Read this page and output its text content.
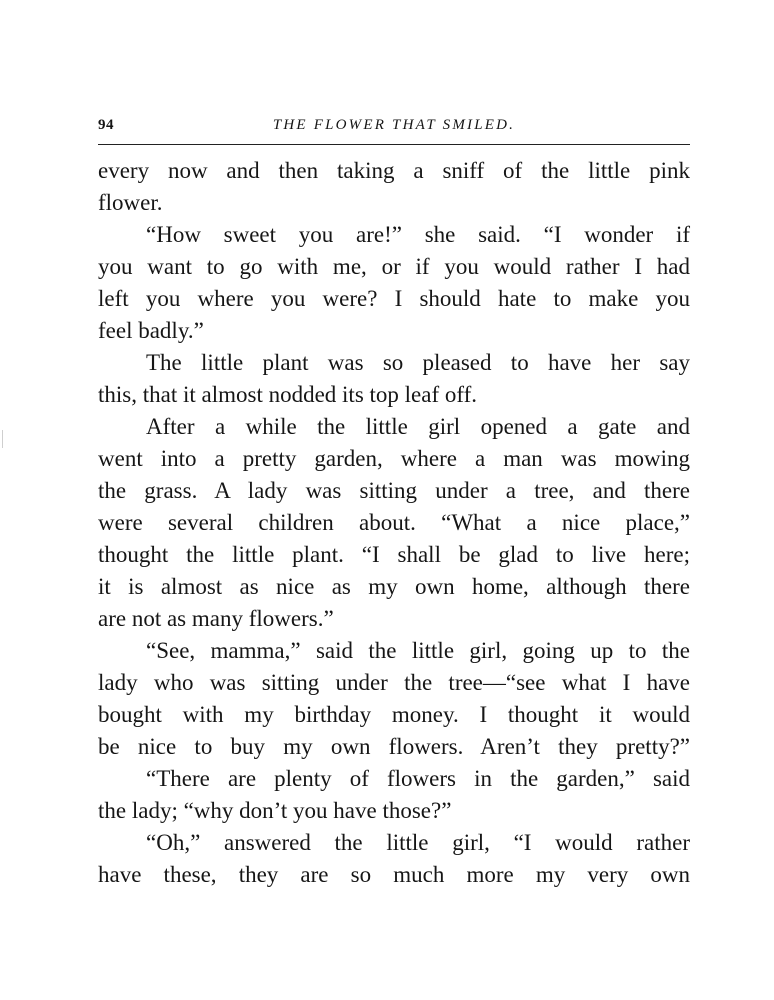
94	THE FLOWER THAT SMILED.
every now and then taking a sniff of the little pink
flower.
“How sweet you are!” she said. “I wonder if
you want to go with me, or if you would rather I had
left you where you were? I should hate to make you
feel badly.”
The little plant was so pleased to have her say
this, that it almost nodded its top leaf off.
After a while the little girl opened a gate and
went into a pretty garden, where a man was mowing
the grass. A lady was sitting under a tree, and there
were several children about. “What a nice place,”
thought the little plant. “I shall be glad to live here;
it is almost as nice as my own home, although there
are not as many flowers.”
“See, mamma,” said the little girl, going up to the
lady who was sitting under the tree—“see what I have
bought with my birthday money. I thought it would
be nice to buy my own flowers. Aren’t they pretty?”
“There are plenty of flowers in the garden,” said
the lady; “why don’t you have those?”
“Oh,” answered the little girl, “I would rather
have these, they are so much more my very own
